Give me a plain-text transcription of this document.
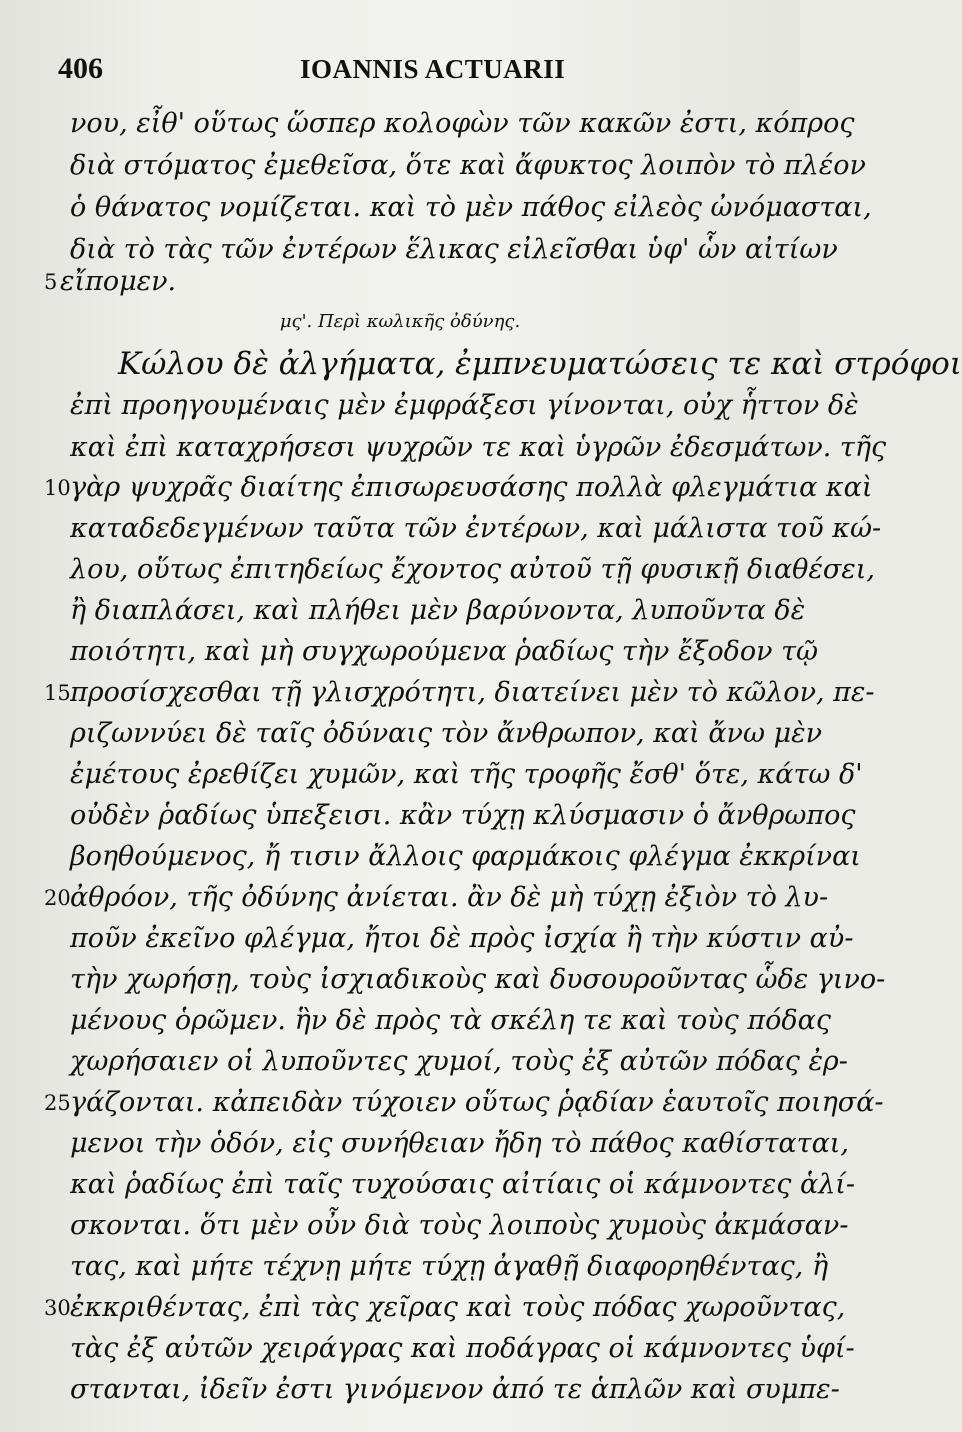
406	IOANNIS ACTUARII
νου, εἶθ' οὕτως ὥσπερ κολοφὼν τῶν κακῶν ἐστι, κόπρος
διὰ στόματος ἐμεθεῖσα, ὅτε καὶ ἄφυκτος λοιπὸν τὸ πλέον
ὁ θάνατος νομίζεται. καὶ τὸ μὲν πάθος εἰλεὸς ὠνόμασται,
διὰ τὸ τὰς τῶν ἐντέρων ἕλικας εἰλεῖσθαι ὑφ' ὧν αἰτίων
5 εἴπομεν.
μς'. Περὶ κωλικῆς ὀδύνης.
Κώλου δὲ ἀλγήματα, ἐμπνευματώσεις τε καὶ στρόφοι
ἐπὶ προηγουμέναις μὲν ἐμφράξεσι γίνονται, οὐχ ἧττον δὲ
καὶ ἐπὶ καταχρήσεσι ψυχρῶν τε καὶ ὑγρῶν ἐδεσμάτων. τῆς
10 γὰρ ψυχρᾶς διαίτης ἐπισωρευσάσης πολλὰ φλεγμάτια καὶ
καταδεδεγμένων ταῦτα τῶν ἐντέρων, καὶ μάλιστα τοῦ κώ-
λου, οὕτως ἐπιτηδείως ἔχοντος αὐτοῦ τῇ φυσικῇ διαθέσει,
ἢ διαπλάσει, καὶ πλήθει μὲν βαρύνοντα, λυποῦντα δὲ
ποιότητι, καὶ μὴ συγχωρούμενα ῥαδίως τὴν ἔξοδον τῷ
15 προσίσχεσθαι τῇ γλισχρότητι, διατείνει μὲν τὸ κῶλον, πε-
ριζωννύει δὲ ταῖς ὀδύναις τὸν ἄνθρωπον, καὶ ἄνω μὲν
ἐμέτους ἐρεθίζει χυμῶν, καὶ τῆς τροφῆς ἔσθ' ὅτε, κάτω δ'
οὐδὲν ῥαδίως ὑπεξεισι. κἂν τύχῃ κλύσμασιν ὁ ἄνθρωπος
βοηθούμενος, ἤ τισιν ἄλλοις φαρμάκοις φλέγμα ἐκκρίναι
20 ἀθρόον, τῆς ὀδύνης ἀνίεται. ἂν δὲ μὴ τύχῃ ἐξιὸν τὸ λυ-
ποῦν ἐκεῖνο φλέγμα, ἤτοι δὲ πρὸς ἰσχία ἢ τὴν κύστιν αὐ-
τὴν χωρήσῃ, τοὺς ἰσχιαδικοὺς καὶ δυσουροῦντας ὧδε γινο-
μένους ὁρῶμεν. ἣν δὲ πρὸς τὰ σκέλη τε καὶ τοὺς πόδας
χωρήσαιεν οἱ λυποῦντες χυμοί, τοὺς ἐξ αὐτῶν πόδας ἐρ-
25 γάζονται. κἀπειδὰν τύχοιεν οὕτως ῥᾳδίαν ἑαυτοῖς ποιησά-
μενοι τὴν ὁδόν, εἰς συνήθειαν ἤδη τὸ πάθος καθίσταται,
καὶ ῥαδίως ἐπὶ ταῖς τυχούσαις αἰτίαις οἱ κάμνοντες ἁλί-
σκονται. ὅτι μὲν οὖν διὰ τοὺς λοιποὺς χυμοὺς ἀκμάσαν-
τας, καὶ μήτε τέχνῃ μήτε τύχῃ ἀγαθῇ διαφορηθέντας, ἢ
30 ἐκκριθέντας, ἐπὶ τὰς χεῖρας καὶ τοὺς πόδας χωροῦντας,
τὰς ἐξ αὐτῶν χειράγρας καὶ ποδάγρας οἱ κάμνοντες ὑφί-
στανται, ἰδεῖν ἐστι γινόμενον ἀπό τε ἁπλῶν καὶ συμπε-
